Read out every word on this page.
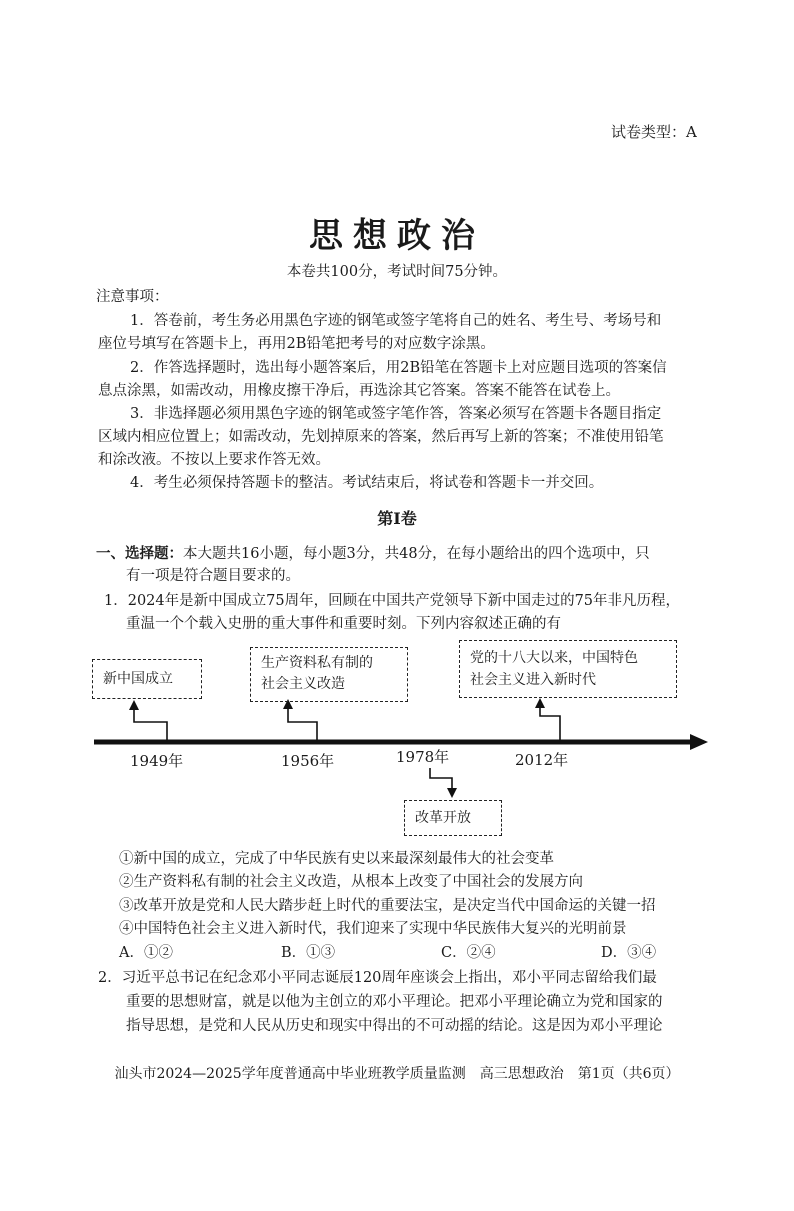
试卷类型：A
思想政治
本卷共100分，考试时间75分钟。
注意事项：
1．答卷前，考生务必用黑色字迹的钢笔或签字笔将自己的姓名、考生号、考场号和
座位号填写在答题卡上，再用2B铅笔把考号的对应数字涂黑。
2．作答选择题时，选出每小题答案后，用2B铅笔在答题卡上对应题目选项的答案信
息点涂黑，如需改动，用橡皮擦干净后，再选涂其它答案。答案不能答在试卷上。
3．非选择题必须用黑色字迹的钢笔或签字笔作答，答案必须写在答题卡各题目指定
区域内相应位置上；如需改动，先划掉原来的答案，然后再写上新的答案；不准使用铅笔
和涂改液。不按以上要求作答无效。
4．考生必须保持答题卡的整洁。考试结束后，将试卷和答题卡一并交回。
第Ⅰ卷
一、选择题：本大题共16小题，每小题3分，共48分，在每小题给出的四个选项中，只
有一项是符合题目要求的。
1．2024年是新中国成立75周年，回顾在中国共产党领导下新中国走过的75年非凡历程，
重温一个个载入史册的重大事件和重要时刻。下列内容叙述正确的有
新中国成立
生产资料私有制的
社会主义改造
党的十八大以来，中国特色
社会主义进入新时代
改革开放
1949年	1956年	1978年	2012年
①新中国的成立，完成了中华民族有史以来最深刻最伟大的社会变革
②生产资料私有制的社会主义改造，从根本上改变了中国社会的发展方向
③改革开放是党和人民大踏步赶上时代的重要法宝，是决定当代中国命运的关键一招
④中国特色社会主义进入新时代，我们迎来了实现中华民族伟大复兴的光明前景
A．①②	B．①③	C．②④	D．③④
2．习近平总书记在纪念邓小平同志诞辰120周年座谈会上指出，邓小平同志留给我们最
重要的思想财富，就是以他为主创立的邓小平理论。把邓小平理论确立为党和国家的
指导思想，是党和人民从历史和现实中得出的不可动摇的结论。这是因为邓小平理论
汕头市2024—2025学年度普通高中毕业班教学质量监测　高三思想政治　第1页（共6页）
